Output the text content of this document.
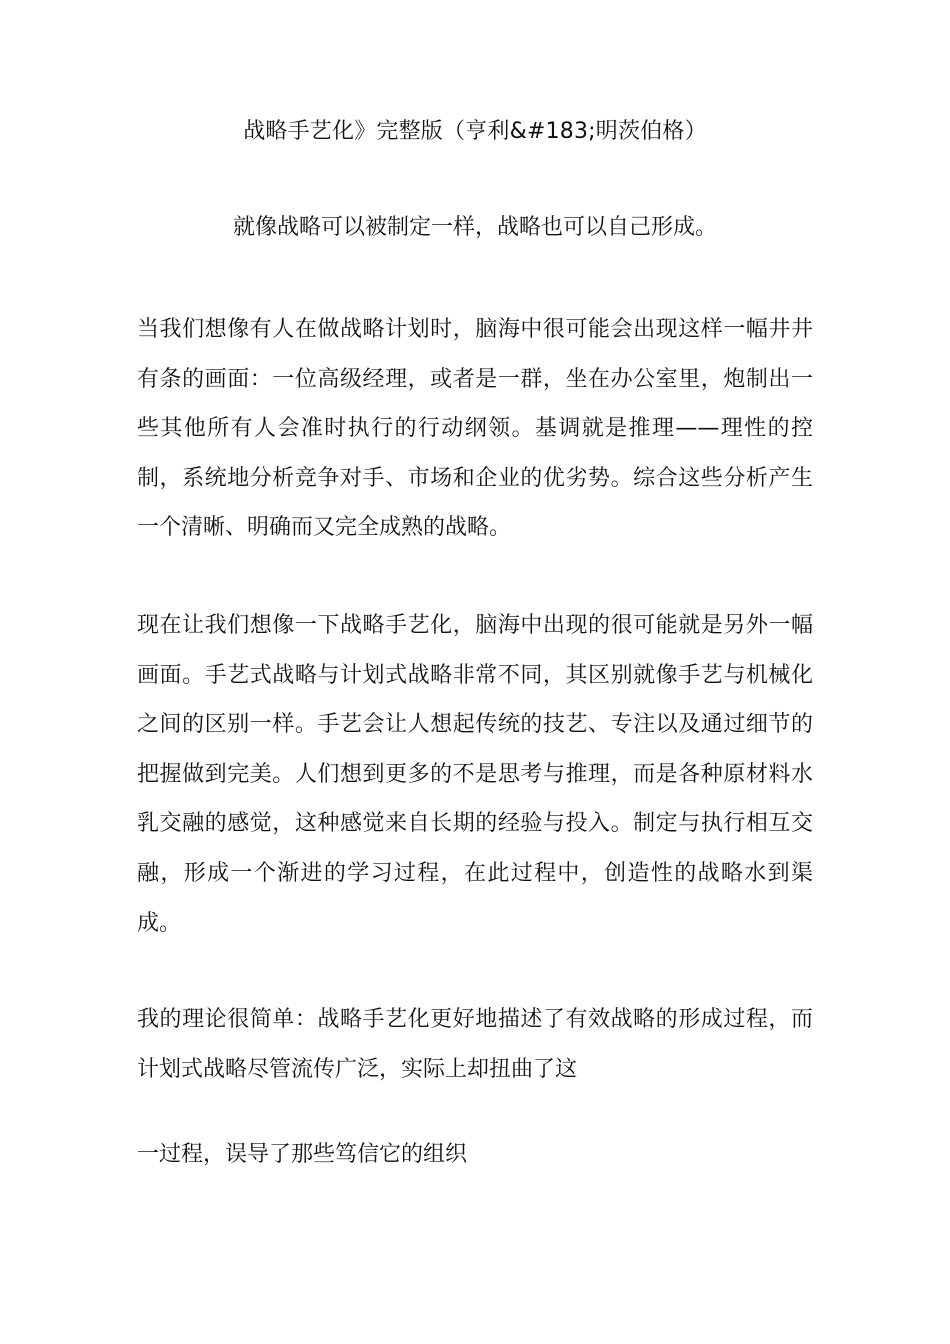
战略手艺化》完整版（亨利&#183;明茨伯格）
就像战略可以被制定一样，战略也可以自己形成。

当我们想像有人在做战略计划时，脑海中很可能会出现这样一幅井井有条的画面：一位高级经理，或者是一群，坐在办公室里，炮制出一些其他所有人会准时执行的行动纲领。基调就是推理——理性的控制，系统地分析竞争对手、市场和企业的优劣势。综合这些分析产生一个清晰、明确而又完全成熟的战略。

现在让我们想像一下战略手艺化，脑海中出现的很可能就是另外一幅画面。手艺式战略与计划式战略非常不同，其区别就像手艺与机械化之间的区别一样。手艺会让人想起传统的技艺、专注以及通过细节的把握做到完美。人们想到更多的不是思考与推理，而是各种原材料水乳交融的感觉，这种感觉来自长期的经验与投入。制定与执行相互交融，形成一个渐进的学习过程，在此过程中，创造性的战略水到渠成。

我的理论很简单：战略手艺化更好地描述了有效战略的形成过程，而计划式战略尽管流传广泛，实际上却扭曲了这

一过程，误导了那些笃信它的组织
